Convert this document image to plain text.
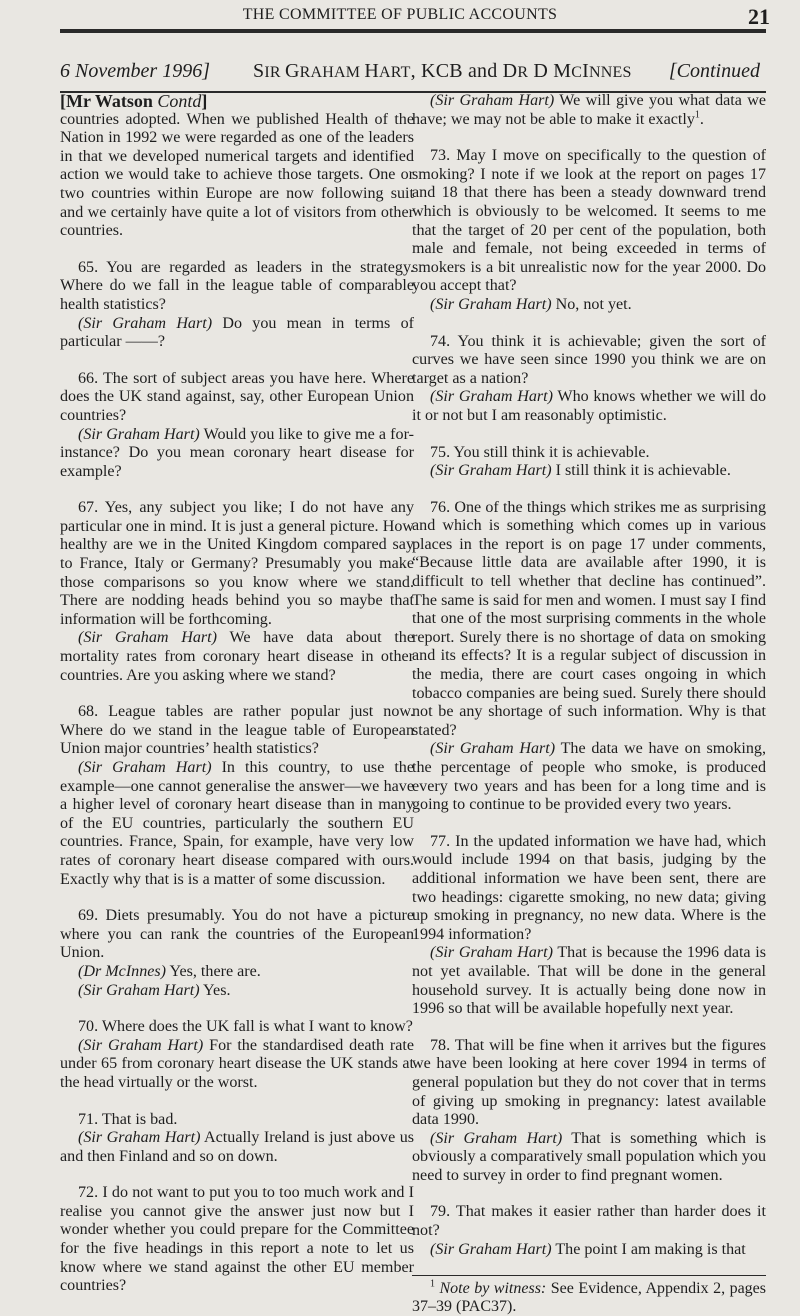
THE COMMITTEE OF PUBLIC ACCOUNTS	21
6 November 1996] SIR GRAHAM HART, KCB and DR D MCINNES [Continued

[Mr Watson Contd]

countries adopted. When we published Health of the Nation in 1992 we were regarded as one of the leaders in that we developed numerical targets and identified action we would take to achieve those targets. One or two countries within Europe are now following suit and we certainly have quite a lot of visitors from other countries.

65. You are regarded as leaders in the strategy. Where do we fall in the league table of comparable health statistics?

(Sir Graham Hart) Do you mean in terms of particular ——?

66. The sort of subject areas you have here. Where does the UK stand against, say, other European Union countries?

(Sir Graham Hart) Would you like to give me a for-instance? Do you mean coronary heart disease for example?

67. Yes, any subject you like; I do not have any particular one in mind. It is just a general picture. How healthy are we in the United Kingdom compared say to France, Italy or Germany? Presumably you make those comparisons so you know where we stand. There are nodding heads behind you so maybe that information will be forthcoming.

(Sir Graham Hart) We have data about the mortality rates from coronary heart disease in other countries. Are you asking where we stand?

68. League tables are rather popular just now. Where do we stand in the league table of European Union major countries’ health statistics?

(Sir Graham Hart) In this country, to use the example—one cannot generalise the answer—we have a higher level of coronary heart disease than in many of the EU countries, particularly the southern EU countries. France, Spain, for example, have very low rates of coronary heart disease compared with ours. Exactly why that is is a matter of some discussion.

69. Diets presumably. You do not have a picture where you can rank the countries of the European Union.

(Dr McInnes) Yes, there are.

(Sir Graham Hart) Yes.

70. Where does the UK fall is what I want to know?

(Sir Graham Hart) For the standardised death rate under 65 from coronary heart disease the UK stands at the head virtually or the worst.

71. That is bad.

(Sir Graham Hart) Actually Ireland is just above us and then Finland and so on down.

72. I do not want to put you to too much work and I realise you cannot give the answer just now but I wonder whether you could prepare for the Committee for the five headings in this report a note to let us know where we stand against the other EU member countries?

(Sir Graham Hart) We will give you what data we have; we may not be able to make it exactly$^1$.

73. May I move on specifically to the question of smoking? I note if we look at the report on pages 17 and 18 that there has been a steady downward trend which is obviously to be welcomed. It seems to me that the target of 20 per cent of the population, both male and female, not being exceeded in terms of smokers is a bit unrealistic now for the year 2000. Do you accept that?

(Sir Graham Hart) No, not yet.

74. You think it is achievable; given the sort of curves we have seen since 1990 you think we are on target as a nation?

(Sir Graham Hart) Who knows whether we will do it or not but I am reasonably optimistic.

75. You still think it is achievable.

(Sir Graham Hart) I still think it is achievable.

76. One of the things which strikes me as surprising and which is something which comes up in various places in the report is on page 17 under comments, “Because little data are available after 1990, it is difficult to tell whether that decline has continued”. The same is said for men and women. I must say I find that one of the most surprising comments in the whole report. Surely there is no shortage of data on smoking and its effects? It is a regular subject of discussion in the media, there are court cases ongoing in which tobacco companies are being sued. Surely there should not be any shortage of such information. Why is that stated?

(Sir Graham Hart) The data we have on smoking, the percentage of people who smoke, is produced every two years and has been for a long time and is going to continue to be provided every two years.

77. In the updated information we have had, which would include 1994 on that basis, judging by the additional information we have been sent, there are two headings: cigarette smoking, no new data; giving up smoking in pregnancy, no new data. Where is the 1994 information?

(Sir Graham Hart) That is because the 1996 data is not yet available. That will be done in the general household survey. It is actually being done now in 1996 so that will be available hopefully next year.

78. That will be fine when it arrives but the figures we have been looking at here cover 1994 in terms of general population but they do not cover that in terms of giving up smoking in pregnancy: latest available data 1990.

(Sir Graham Hart) That is something which is obviously a comparatively small population which you need to survey in order to find pregnant women.

79. That makes it easier rather than harder does it not?

(Sir Graham Hart) The point I am making is that

$^1$ Note by witness: See Evidence, Appendix 2, pages 37–39 (PAC37).
